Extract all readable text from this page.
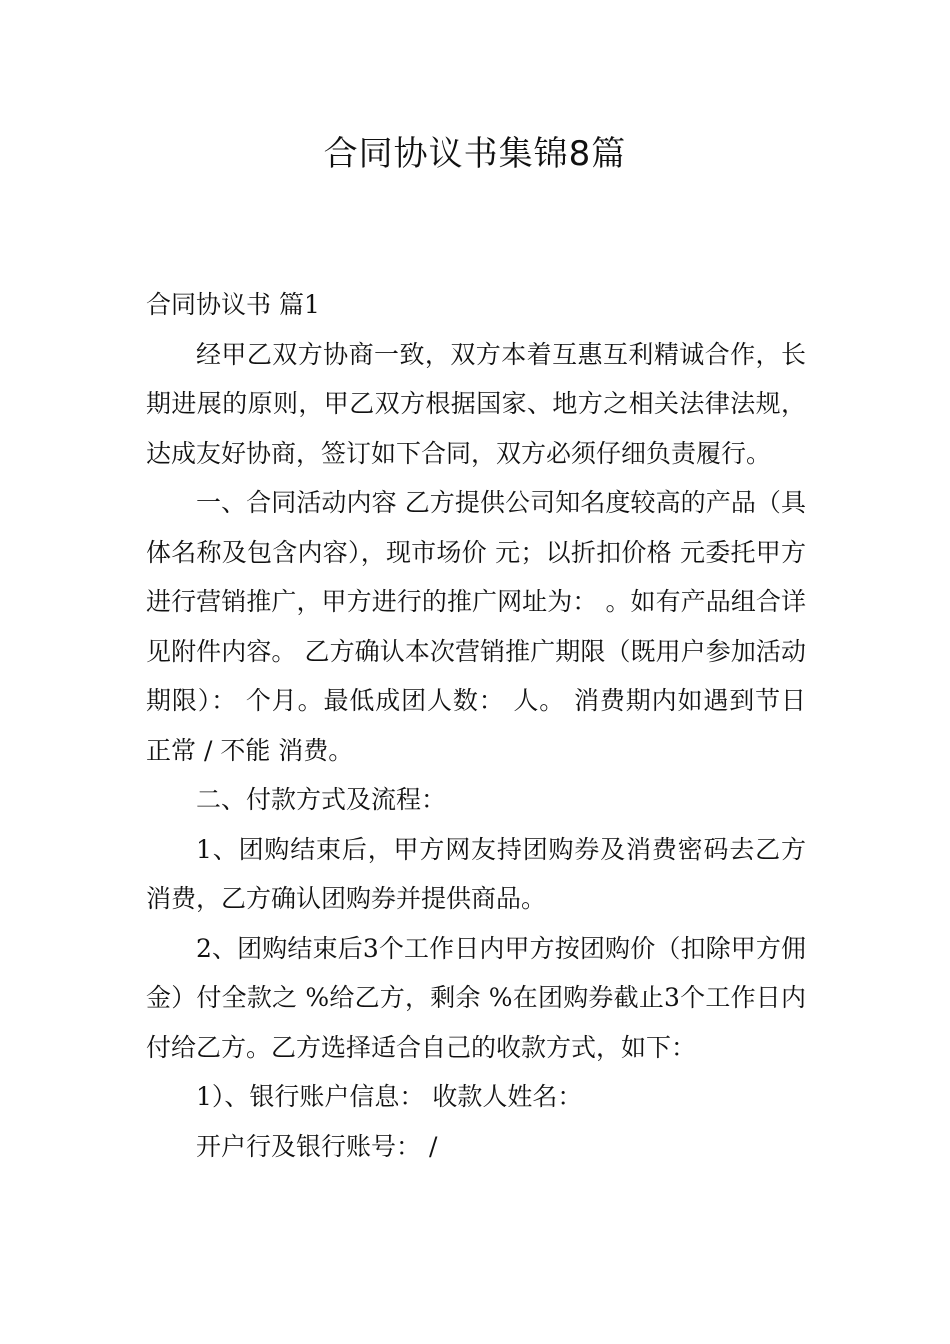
合同协议书集锦8篇

合同协议书 篇1

经甲乙双方协商一致，双方本着互惠互利精诚合作，长期进展的原则，甲乙双方根据国家、地方之相关法律法规，达成友好协商，签订如下合同，双方必须仔细负责履行。

一、合同活动内容 乙方提供公司知名度较高的产品（具体名称及包含内容），现市场价 元；以折扣价格 元委托甲方进行营销推广，甲方进行的推广网址为： 。如有产品组合详见附件内容。 乙方确认本次营销推广期限（既用户参加活动期限）： 个月。最低成团人数： 人。 消费期内如遇到节日 正常 / 不能 消费。

二、付款方式及流程：

1、团购结束后，甲方网友持团购券及消费密码去乙方消费，乙方确认团购券并提供商品。

2、团购结束后3个工作日内甲方按团购价（扣除甲方佣金）付全款之 %给乙方，剩余 %在团购券截止3个工作日内付给乙方。乙方选择适合自己的收款方式，如下：

1）、银行账户信息： 收款人姓名：

开户行及银行账号： /
